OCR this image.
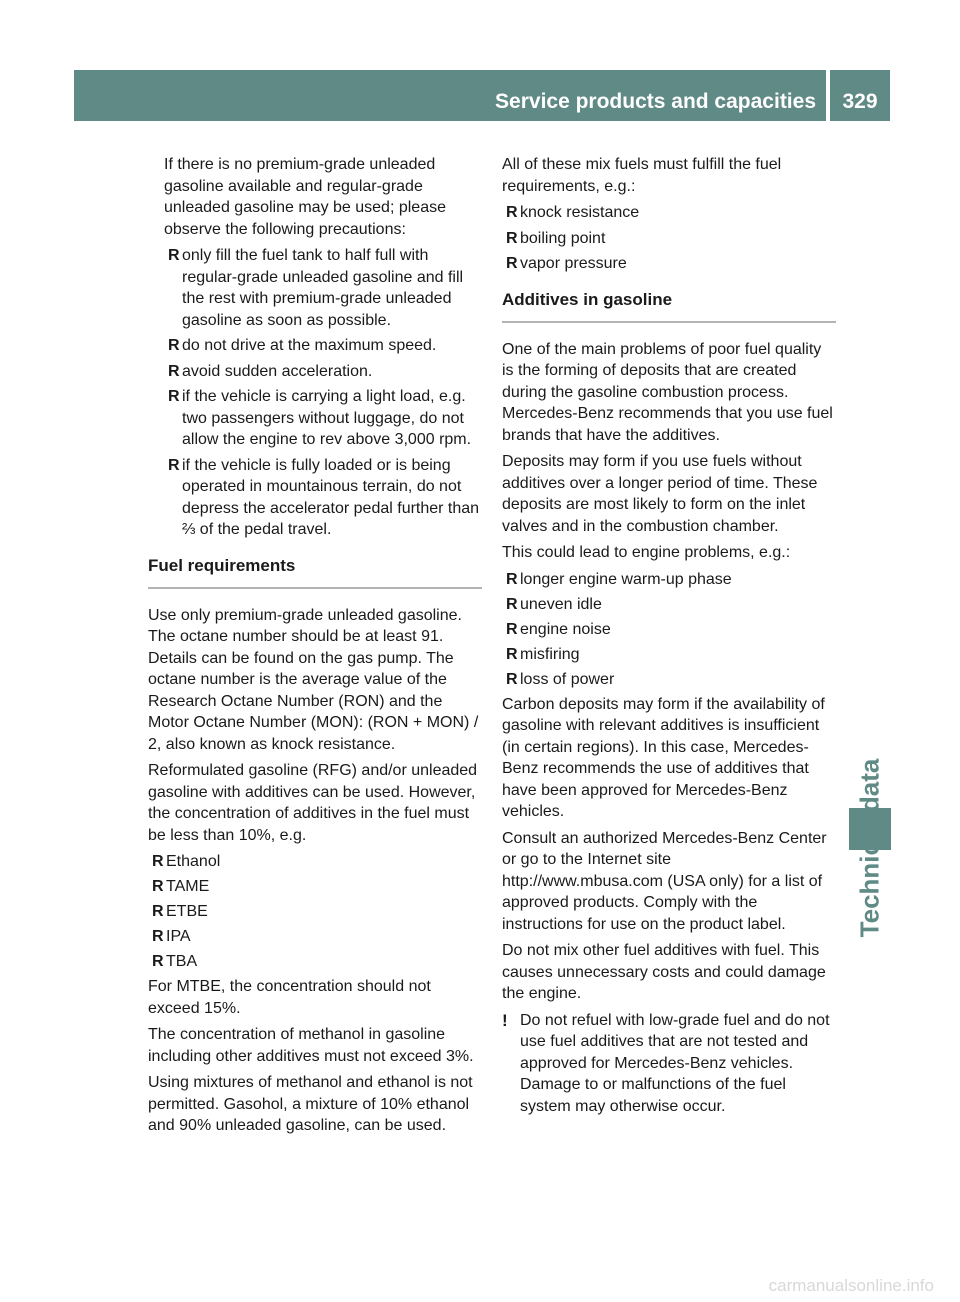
Service products and capacities	329

If there is no premium-grade unleaded gasoline available and regular-grade unleaded gasoline may be used; please observe the following precautions:

R only fill the fuel tank to half full with regular-grade unleaded gasoline and fill the rest with premium-grade unleaded gasoline as soon as possible.
R do not drive at the maximum speed.
R avoid sudden acceleration.
R if the vehicle is carrying a light load, e.g. two passengers without luggage, do not allow the engine to rev above 3,000 rpm.
R if the vehicle is fully loaded or is being operated in mountainous terrain, do not depress the accelerator pedal further than ⅔ of the pedal travel.
Fuel requirements

Use only premium-grade unleaded gasoline. The octane number should be at least 91. Details can be found on the gas pump. The octane number is the average value of the Research Octane Number (RON) and the Motor Octane Number (MON): (RON + MON) / 2, also known as knock resistance.

Reformulated gasoline (RFG) and/or unleaded gasoline with additives can be used. However, the concentration of additives in the fuel must be less than 10%, e.g.

R Ethanol
R TAME
R ETBE
R IPA
R TBA

For MTBE, the concentration should not exceed 15%.

The concentration of methanol in gasoline including other additives must not exceed 3%.

Using mixtures of methanol and ethanol is not permitted. Gasohol, a mixture of 10% ethanol and 90% unleaded gasoline, can be used.

All of these mix fuels must fulfill the fuel requirements, e.g.:

R knock resistance
R boiling point
R vapor pressure
Additives in gasoline

One of the main problems of poor fuel quality is the forming of deposits that are created during the gasoline combustion process. Mercedes-Benz recommends that you use fuel brands that have the additives.

Deposits may form if you use fuels without additives over a longer period of time. These deposits are most likely to form on the inlet valves and in the combustion chamber.

This could lead to engine problems, e.g.:

R longer engine warm-up phase
R uneven idle
R engine noise
R misfiring
R loss of power

Carbon deposits may form if the availability of gasoline with relevant additives is insufficient (in certain regions). In this case, Mercedes-Benz recommends the use of additives that have been approved for Mercedes-Benz vehicles.

Consult an authorized Mercedes-Benz Center or go to the Internet site http://www.mbusa.com (USA only) for a list of approved products. Comply with the instructions for use on the product label.

Do not mix other fuel additives with fuel. This causes unnecessary costs and could damage the engine.

! Do not refuel with low-grade fuel and do not use fuel additives that are not tested and approved for Mercedes-Benz vehicles. Damage to or malfunctions of the fuel system may otherwise occur.
carmanualsonline.info
